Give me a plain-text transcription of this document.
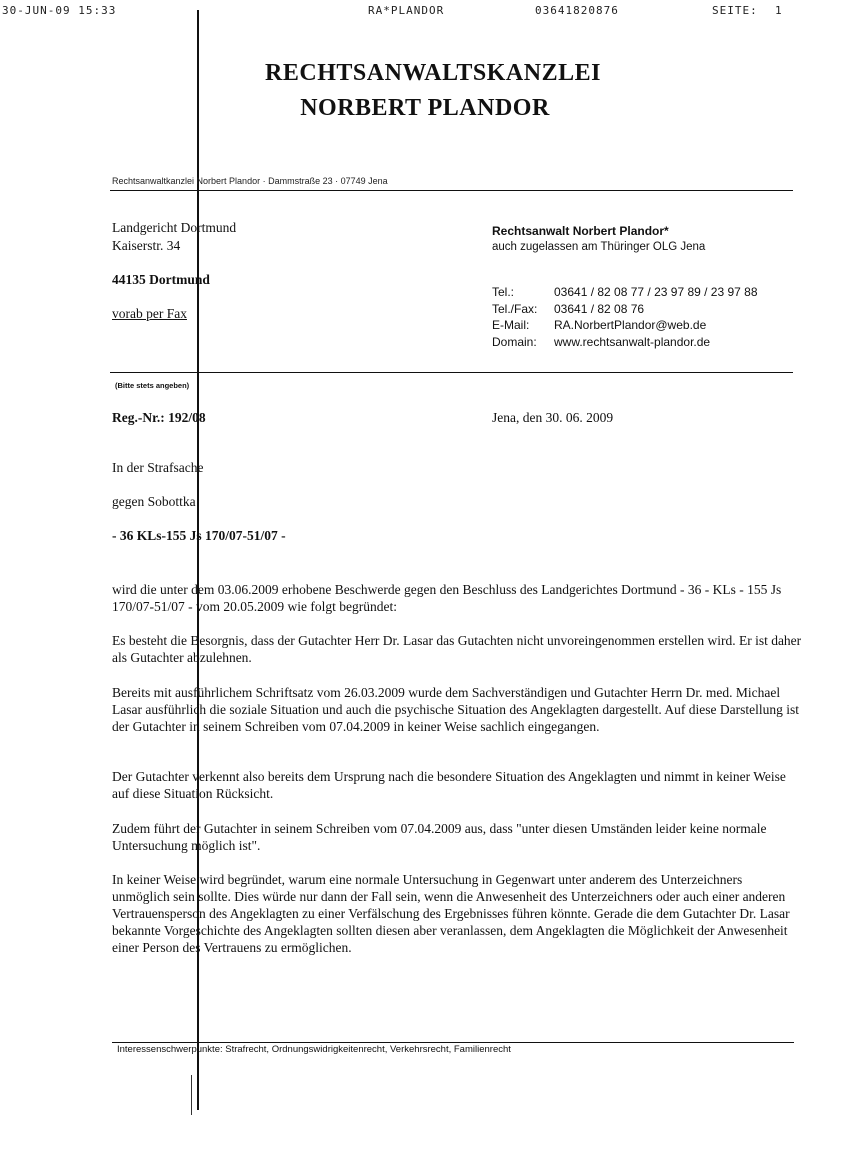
30-JUN-09 15:33	RA*PLANDOR	03641820876	SEITE: 1
RECHTSANWALTSKANZLEI
NORBERT PLANDOR
Rechtsanwaltkanzlei Norbert Plandor · Dammstraße 23 · 07749 Jena
Landgericht Dortmund
Kaiserstr. 34
44135 Dortmund
vorab per Fax
Rechtsanwalt Norbert Plandor*
auch zugelassen am Thüringer OLG Jena
Tel.:	03641 / 82 08 77 / 23 97 89 / 23 97 88
Tel./Fax:	03641 / 82 08 76
E-Mail:	RA.NorbertPlandor@web.de
Domain:	www.rechtsanwalt-plandor.de
(Bitte stets angeben)
Reg.-Nr.: 192/08	Jena, den 30. 06. 2009
In der Strafsache
gegen Sobottka
- 36 KLs-155 Js 170/07-51/07 -
wird die unter dem 03.06.2009 erhobene Beschwerde gegen den Beschluss des Landgerichtes Dortmund - 36 - KLs - 155 Js 170/07-51/07 - vom 20.05.2009 wie folgt begründet:
Es besteht die Besorgnis, dass der Gutachter Herr Dr. Lasar das Gutachten nicht unvoreingenommen erstellen wird. Er ist daher als Gutachter abzulehnen.
Bereits mit ausführlichem Schriftsatz vom 26.03.2009 wurde dem Sachverständigen und Gutachter Herrn Dr. med. Michael Lasar ausführlich die soziale Situation und auch die psychische Situation des Angeklagten dargestellt. Auf diese Darstellung ist der Gutachter in seinem Schreiben vom 07.04.2009 in keiner Weise sachlich eingegangen.
Der Gutachter verkennt also bereits dem Ursprung nach die besondere Situation des Angeklagten und nimmt in keiner Weise auf diese Situation Rücksicht.
Zudem führt der Gutachter in seinem Schreiben vom 07.04.2009 aus, dass "unter diesen Umständen leider keine normale Untersuchung möglich ist".
In keiner Weise wird begründet, warum eine normale Untersuchung in Gegenwart unter anderem des Unterzeichners unmöglich sein sollte. Dies würde nur dann der Fall sein, wenn die Anwesenheit des Unterzeichners oder auch einer anderen Vertrauensperson des Angeklagten zu einer Verfälschung des Ergebnisses führen könnte. Gerade die dem Gutachter Dr. Lasar bekannte Vorgeschichte des Angeklagten sollten diesen aber veranlassen, dem Angeklagten die Möglichkeit der Anwesenheit einer Person des Vertrauens zu ermöglichen.
Interessenschwerpunkte: Strafrecht, Ordnungswidrigkeitenrecht, Verkehrsrecht, Familienrecht
